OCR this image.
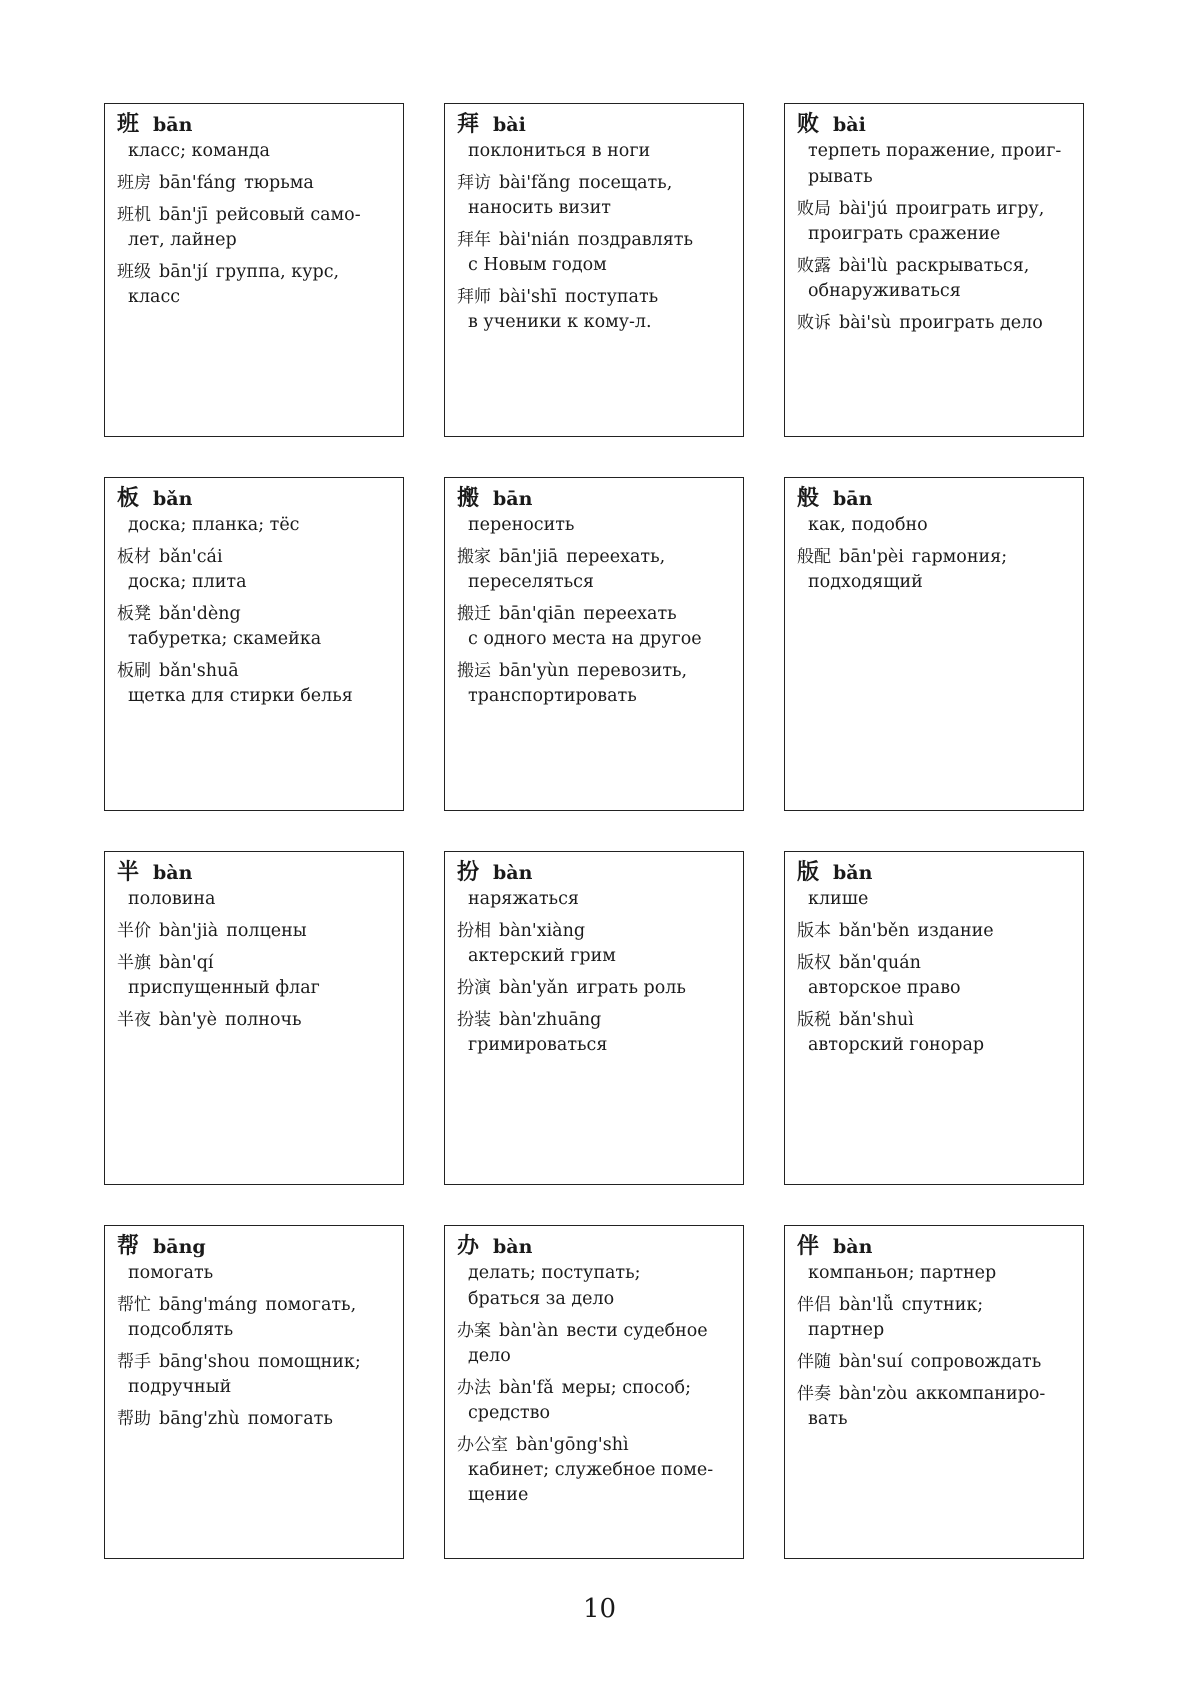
班 bān
класс; команда
班房 bān'fáng тюрьма
班机 bān'jī рейсовый само-
лет, лайнер
班级 bān'jí группа, курс,
класс
拜 bài
поклониться в ноги
拜访 bài'fǎng посещать,
наносить визит
拜年 bài'nián поздравлять
с Новым годом
拜师 bài'shī поступать
в ученики к кому-л.
败 bài
терпеть поражение, проиг-
рывать
败局 bài'jú проиграть игру,
проиграть сражение
败露 bài'lù раскрываться,
обнаруживаться
败诉 bài'sù проиграть дело
板 bǎn
доска; планка; тёс
板材 bǎn'cái
доска; плита
板凳 bǎn'dèng
табуретка; скамейка
板刷 bǎn'shuā
щетка для стирки белья
搬 bān
переносить
搬家 bān'jiā переехать,
переселяться
搬迁 bān'qiān переехать
с одного места на другое
搬运 bān'yùn перевозить,
транспортировать
般 bān
как, подобно
般配 bān'pèi гармония;
подходящий
半 bàn
половина
半价 bàn'jià полцены
半旗 bàn'qí
приспущенный флаг
半夜 bàn'yè полночь
扮 bàn
наряжаться
扮相 bàn'xiàng
актерский грим
扮演 bàn'yǎn играть роль
扮装 bàn'zhuāng
гримироваться
版 bǎn
клише
版本 bǎn'běn издание
版权 bǎn'quán
авторское право
版税 bǎn'shuì
авторский гонорар
帮 bāng
помогать
帮忙 bāng'máng помогать,
подсоблять
帮手 bāng'shou помощник;
подручный
帮助 bāng'zhù помогать
办 bàn
делать; поступать;
браться за дело
办案 bàn'àn вести судебное
дело
办法 bàn'fǎ меры; способ;
средство
办公室 bàn'gōng'shì
кабинет; служебное поме-
щение
伴 bàn
компаньон; партнер
伴侣 bàn'lǚ спутник;
партнер
伴随 bàn'suí сопровождать
伴奏 bàn'zòu аккомпаниро-
вать
10
